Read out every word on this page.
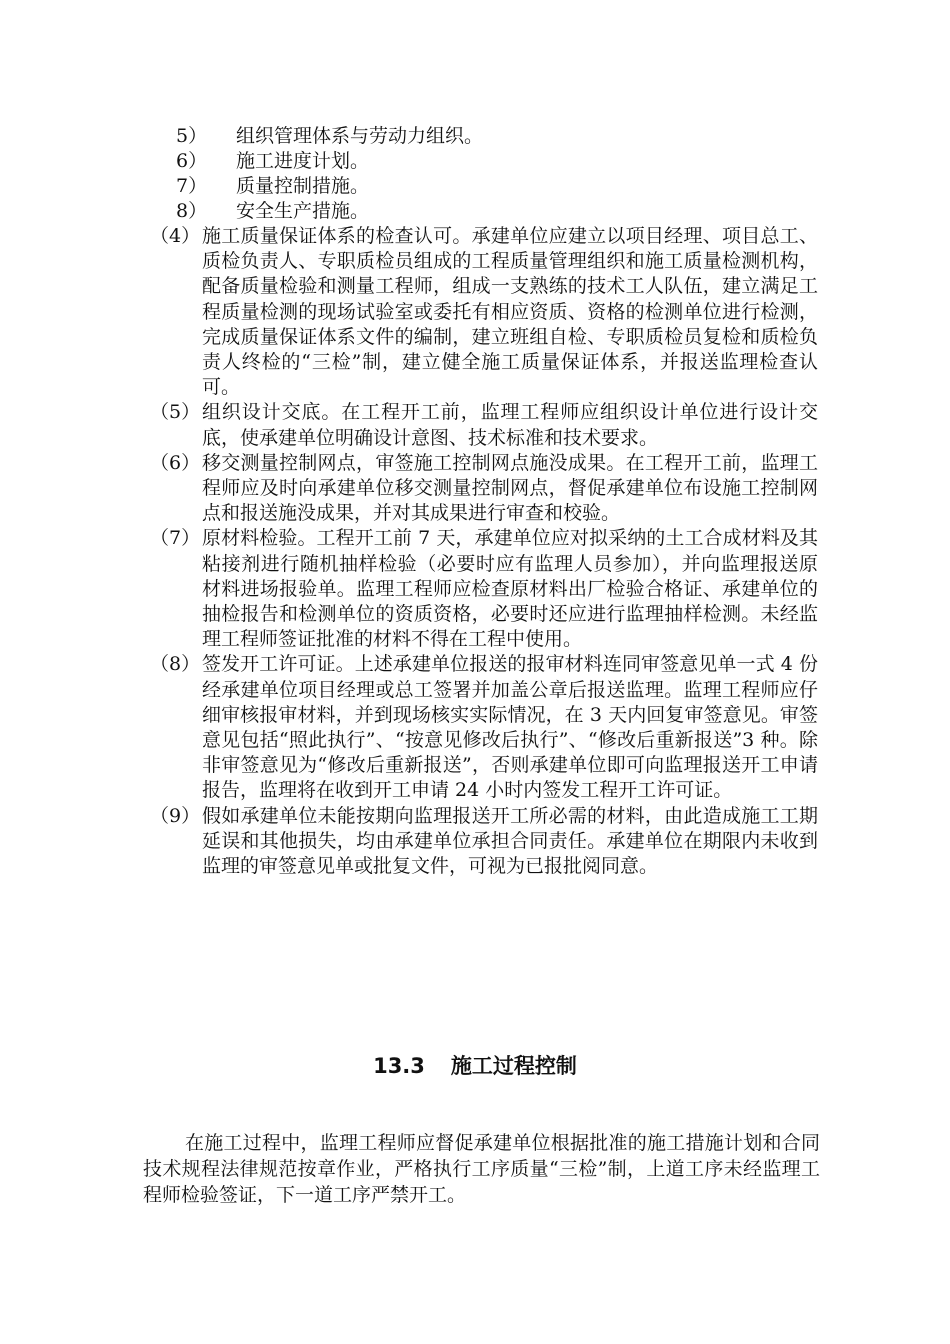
5）	组织管理体系与劳动力组织。
6）	施工进度计划。
7）	质量控制措施。
8）	安全生产措施。
（4） 施工质量保证体系的检查认可。承建单位应建立以项目经理、项目总工、质检负责人、专职质检员组成的工程质量管理组织和施工质量检测机构，配备质量检验和测量工程师，组成一支熟练的技术工人队伍，建立满足工程质量检测的现场试验室或委托有相应资质、资格的检测单位进行检测，完成质量保证体系文件的编制，建立班组自检、专职质检员复检和质检负责人终检的“三检”制，建立健全施工质量保证体系，并报送监理检查认可。
（5） 组织设计交底。在工程开工前，监理工程师应组织设计单位进行设计交底，使承建单位明确设计意图、技术标准和技术要求。
（6） 移交测量控制网点，审签施工控制网点施没成果。在工程开工前，监理工程师应及时向承建单位移交测量控制网点，督促承建单位布设施工控制网点和报送施没成果，并对其成果进行审查和校验。
（7） 原材料检验。工程开工前 7 天，承建单位应对拟采纳的土工合成材料及其粘接剂进行随机抽样检验（必要时应有监理人员参加），并向监理报送原材料进场报验单。监理工程师应检查原材料出厂检验合格证、承建单位的抽检报告和检测单位的资质资格，必要时还应进行监理抽样检测。未经监理工程师签证批准的材料不得在工程中使用。
（8） 签发开工许可证。上述承建单位报送的报审材料连同审签意见单一式 4 份经承建单位项目经理或总工签署并加盖公章后报送监理。监理工程师应仔细审核报审材料，并到现场核实实际情况，在 3 天内回复审签意见。审签意见包括“照此执行”、“按意见修改后执行”、“修改后重新报送”3 种。除非审签意见为“修改后重新报送”，否则承建单位即可向监理报送开工申请报告，监理将在收到开工申请 24 小时内签发工程开工许可证。
（9） 假如承建单位未能按期向监理报送开工所必需的材料，由此造成施工工期延误和其他损失，均由承建单位承担合同责任。承建单位在期限内未收到监理的审签意见单或批复文件，可视为已报批阅同意。
13.3 施工过程控制

在施工过程中，监理工程师应督促承建单位根据批准的施工措施计划和合同技术规程法律规范按章作业，严格执行工序质量“三检”制，上道工序未经监理工程师检验签证，下一道工序严禁开工。
